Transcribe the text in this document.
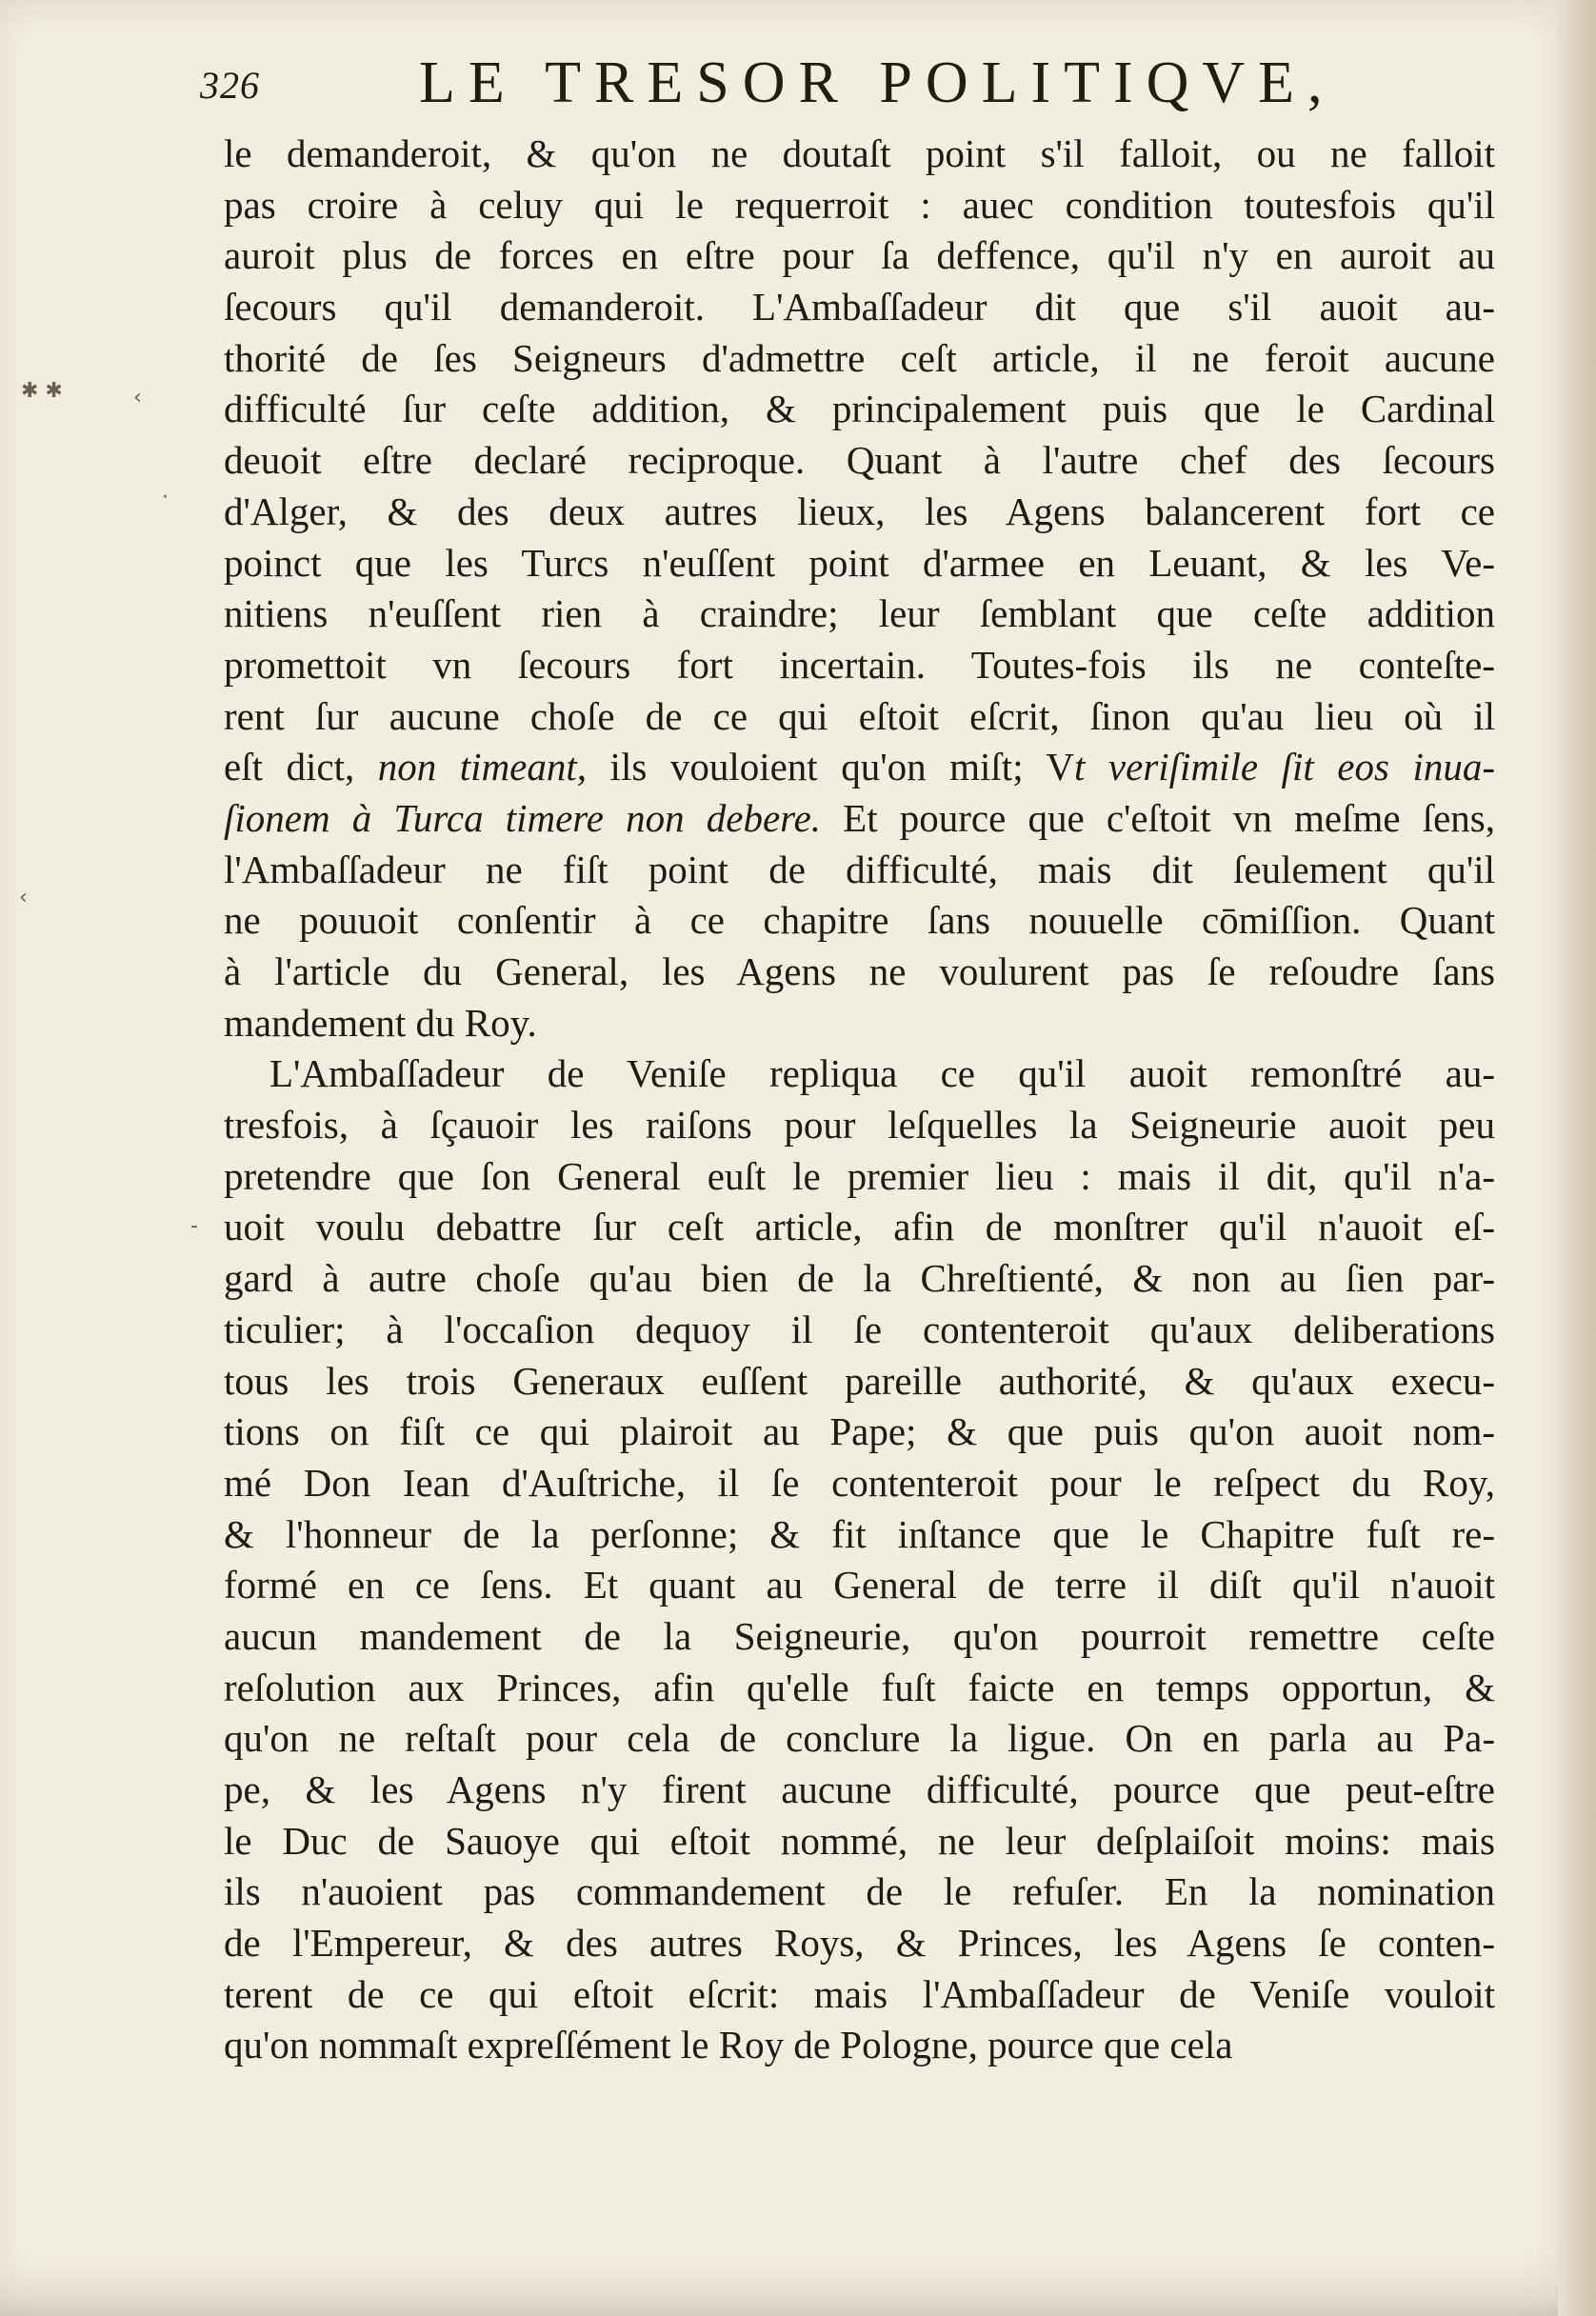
326	LE TRESOR POLITIQVE,
✱ ✱	‹
·
‹
-
le demanderoit, & qu'on ne doutaſt point s'il falloit, ou ne falloit
pas croire à celuy qui le requerroit : auec condition toutesfois qu'il
auroit plus de forces en eſtre pour ſa deffence, qu'il n'y en auroit au
ſecours qu'il demanderoit. L'Ambaſſadeur dit que s'il auoit au-
thorité de ſes Seigneurs d'admettre ceſt article, il ne feroit aucune
difficulté ſur ceſte addition, & principalement puis que le Cardinal
deuoit eſtre declaré reciproque. Quant à l'autre chef des ſecours
d'Alger, & des deux autres lieux, les Agens balancerent fort ce
poinct que les Turcs n'euſſent point d'armee en Leuant, & les Ve-
nitiens n'euſſent rien à craindre; leur ſemblant que ceſte addition
promettoit vn ſecours fort incertain. Toutes-fois ils ne conteſte-
rent ſur aucune choſe de ce qui eſtoit eſcrit, ſinon qu'au lieu où il
eſt dict, non timeant, ils vouloient qu'on miſt; Vt veriſimile ſit eos inua-
ſionem à Turca timere non debere. Et pource que c'eſtoit vn meſme ſens,
l'Ambaſſadeur ne fiſt point de difficulté, mais dit ſeulement qu'il
ne pouuoit conſentir à ce chapitre ſans nouuelle cōmiſſion. Quant
à l'article du General, les Agens ne voulurent pas ſe reſoudre ſans
mandement du Roy.
L'Ambaſſadeur de Veniſe repliqua ce qu'il auoit remonſtré au-
tresfois, à ſçauoir les raiſons pour leſquelles la Seigneurie auoit peu
pretendre que ſon General euſt le premier lieu : mais il dit, qu'il n'a-
uoit voulu debattre ſur ceſt article, afin de monſtrer qu'il n'auoit eſ-
gard à autre choſe qu'au bien de la Chreſtienté, & non au ſien par-
ticulier; à l'occaſion dequoy il ſe contenteroit qu'aux deliberations
tous les trois Generaux euſſent pareille authorité, & qu'aux execu-
tions on fiſt ce qui plairoit au Pape; & que puis qu'on auoit nom-
mé Don Iean d'Auſtriche, il ſe contenteroit pour le reſpect du Roy,
& l'honneur de la perſonne; & fit inſtance que le Chapitre fuſt re-
formé en ce ſens. Et quant au General de terre il diſt qu'il n'auoit
aucun mandement de la Seigneurie, qu'on pourroit remettre ceſte
reſolution aux Princes, afin qu'elle fuſt faicte en temps opportun, &
qu'on ne reſtaſt pour cela de conclure la ligue. On en parla au Pa-
pe, & les Agens n'y firent aucune difficulté, pource que peut-eſtre
le Duc de Sauoye qui eſtoit nommé, ne leur deſplaiſoit moins: mais
ils n'auoient pas commandement de le refuſer. En la nomination
de l'Empereur, & des autres Roys, & Princes, les Agens ſe conten-
terent de ce qui eſtoit eſcrit: mais l'Ambaſſadeur de Veniſe vouloit
qu'on nommaſt expreſſément le Roy de Pologne, pource que cela
